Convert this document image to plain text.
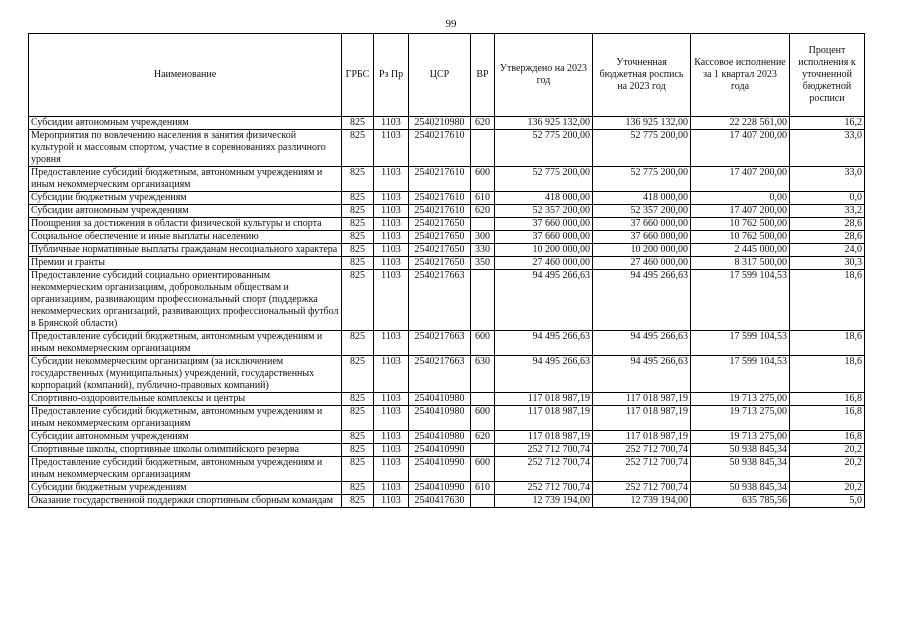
99
Наименование	ГРБС	Рз Пр	ЦСР	ВР	Утверждено на 2023 год	Уточненная бюджетная роспись на 2023 год	Кассовое исполнение за 1 квартал 2023 года	Процент исполнения к уточненной бюджетной росписи
Субсидии автономным учреждениям	825	1103	2540210980	620	136 925 132,00	136 925 132,00	22 228 561,00	16,2
Мероприятия по вовлечению населения в занятия физической культурой и массовым спортом, участие в соревнованиях различного уровня	825	1103	2540217610		52 775 200,00	52 775 200,00	17 407 200,00	33,0
Предоставление субсидий бюджетным, автономным учреждениям и иным некоммерческим организациям	825	1103	2540217610	600	52 775 200,00	52 775 200,00	17 407 200,00	33,0
Субсидии бюджетным учреждениям	825	1103	2540217610	610	418 000,00	418 000,00	0,00	0,0
Субсидии автономным учреждениям	825	1103	2540217610	620	52 357 200,00	52 357 200,00	17 407 200,00	33,2
Поощрения за достижения в области физической культуры и спорта	825	1103	2540217650		37 660 000,00	37 660 000,00	10 762 500,00	28,6
Социальное обеспечение и иные выплаты населению	825	1103	2540217650	300	37 660 000,00	37 660 000,00	10 762 500,00	28,6
Публичные нормативные выплаты гражданам несоциального характера	825	1103	2540217650	330	10 200 000,00	10 200 000,00	2 445 000,00	24,0
Премии и гранты	825	1103	2540217650	350	27 460 000,00	27 460 000,00	8 317 500,00	30,3
Предоставление субсидий социально ориентированным некоммерческим организациям, добровольным обществам и организациям, развивающим профессиональный спорт (поддержка некоммерческих организаций, развивающих профессиональный футбол в Брянской области)	825	1103	2540217663		94 495 266,63	94 495 266,63	17 599 104,53	18,6
Предоставление субсидий бюджетным, автономным учреждениям и иным некоммерческим организациям	825	1103	2540217663	600	94 495 266,63	94 495 266,63	17 599 104,53	18,6
Субсидии некоммерческим организациям (за исключением государственных (муниципальных) учреждений, государственных корпораций (компаний), публично-правовых компаний)	825	1103	2540217663	630	94 495 266,63	94 495 266,63	17 599 104,53	18,6
Спортивно-оздоровительные комплексы и центры	825	1103	2540410980		117 018 987,19	117 018 987,19	19 713 275,00	16,8
Предоставление субсидий бюджетным, автономным учреждениям и иным некоммерческим организациям	825	1103	2540410980	600	117 018 987,19	117 018 987,19	19 713 275,00	16,8
Субсидии автономным учреждениям	825	1103	2540410980	620	117 018 987,19	117 018 987,19	19 713 275,00	16,8
Спортивные школы, спортивные школы олимпийского резерва	825	1103	2540410990		252 712 700,74	252 712 700,74	50 938 845,34	20,2
Предоставление субсидий бюджетным, автономным учреждениям и иным некоммерческим организациям	825	1103	2540410990	600	252 712 700,74	252 712 700,74	50 938 845,34	20,2
Субсидии бюджетным учреждениям	825	1103	2540410990	610	252 712 700,74	252 712 700,74	50 938 845,34	20,2
Оказание государственной поддержки спортивным сборным командам	825	1103	2540417630		12 739 194,00	12 739 194,00	635 785,56	5,0
